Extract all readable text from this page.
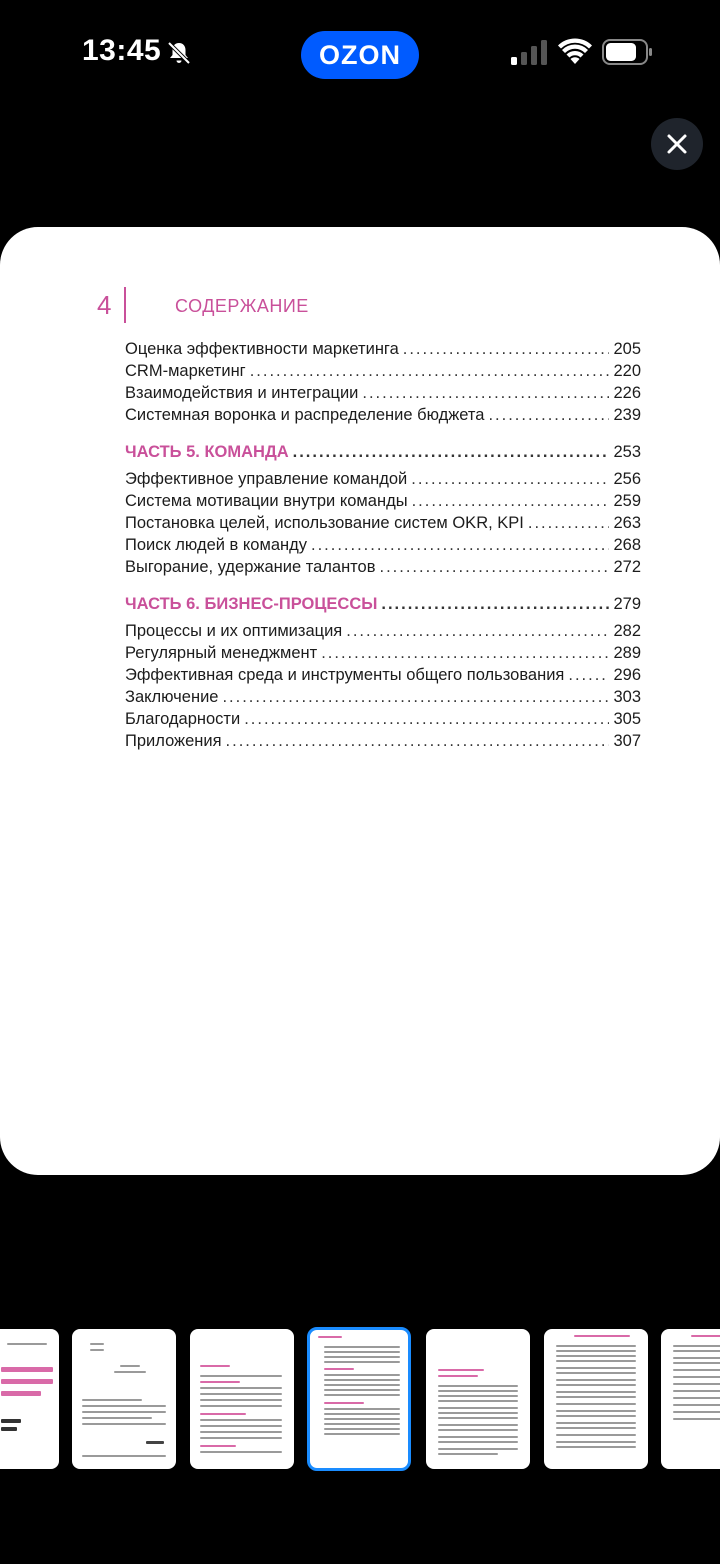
13:45	OZON
4	СОДЕРЖАНИЕ
Оценка эффективности маркетинга .....	205
CRM-маркетинг .....	220
Взаимодействия и интеграции .....	226
Системная воронка и распределение бюджета .....	239
ЧАСТЬ 5. КОМАНДА .....	253
Эффективное управление командой .....	256
Система мотивации внутри команды .....	259
Постановка целей, использование систем OKR, KPI .....	263
Поиск людей в команду .....	268
Выгорание, удержание талантов .....	272
ЧАСТЬ 6. БИЗНЕС-ПРОЦЕССЫ .....	279
Процессы и их оптимизация .....	282
Регулярный менеджмент .....	289
Эффективная среда и инструменты общего пользования .....	296
Заключение .....	303
Благодарности .....	305
Приложения .....	307
